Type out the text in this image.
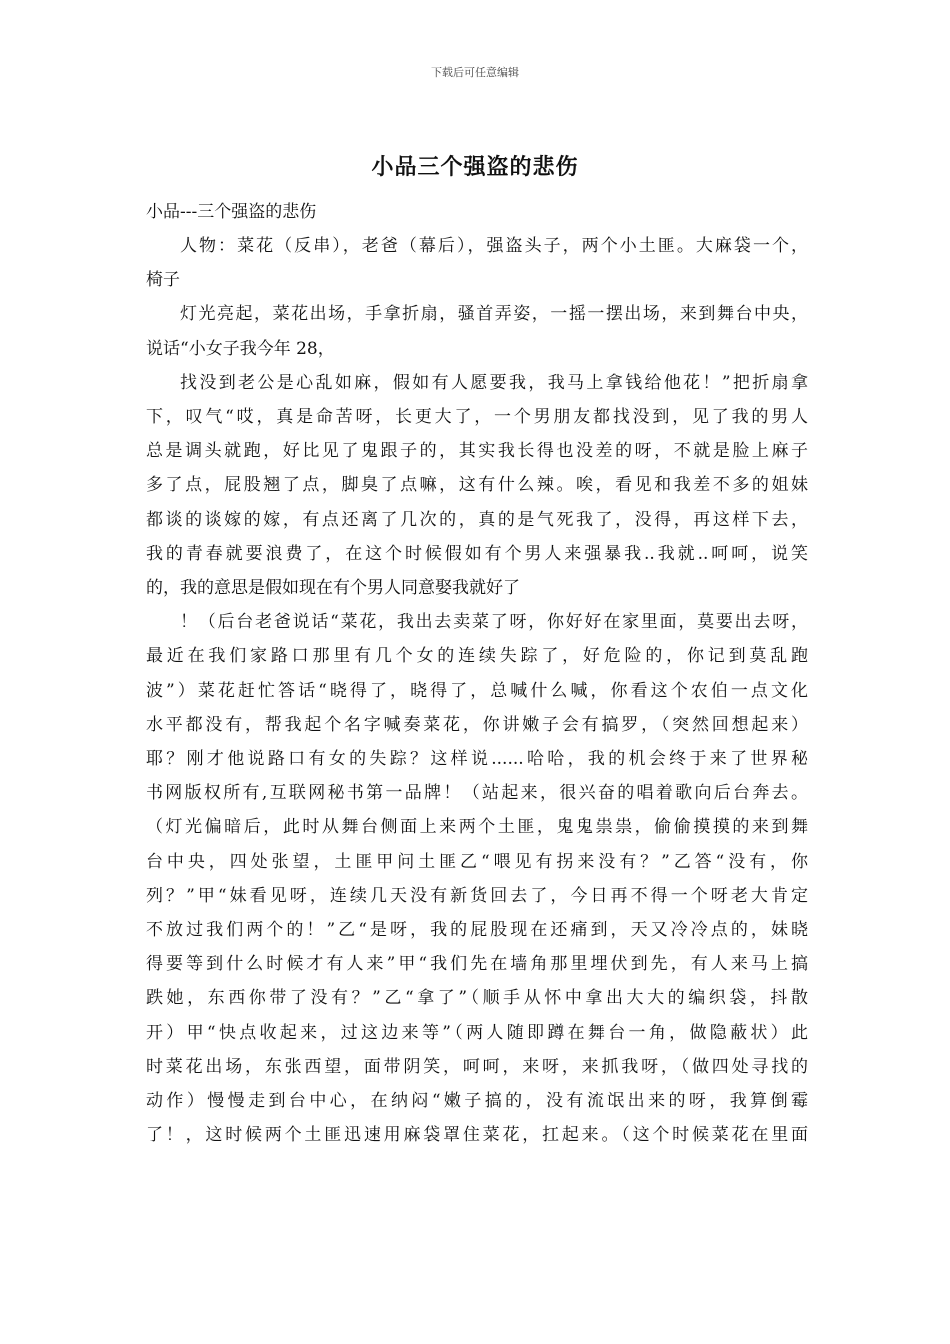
下载后可任意编辑
小品三个强盗的悲伤

小品---三个强盗的悲伤

人物：菜花（反串），老爸（幕后），强盗头子，两个小土匪。大麻袋一个，
椅子

灯光亮起，菜花出场，手拿折扇，骚首弄姿，一摇一摆出场，来到舞台中央，
说话“小女子我今年 28，

找没到老公是心乱如麻，假如有人愿要我，我马上拿钱给他花！”把折扇拿
下，叹气“哎，真是命苦呀，长更大了，一个男朋友都找没到，见了我的男人
总是调头就跑，好比见了鬼跟子的，其实我长得也没差的呀，不就是脸上麻子
多了点，屁股翘了点，脚臭了点嘛，这有什么辣。唉，看见和我差不多的姐妹
都谈的谈嫁的嫁，有点还离了几次的，真的是气死我了，没得，再这样下去，
我的青春就要浪费了，在这个时候假如有个男人来强暴我..我就..呵呵，说笑
的，我的意思是假如现在有个男人同意娶我就好了

！（后台老爸说话“菜花，我出去卖菜了呀，你好好在家里面，莫要出去呀，
最近在我们家路口那里有几个女的连续失踪了，好危险的，你记到莫乱跑
波”）菜花赶忙答话“晓得了，晓得了，总喊什么喊，你看这个农伯一点文化
水平都没有，帮我起个名字喊奏菜花，你讲嫩子会有搞罗，（突然回想起来）
耶？刚才他说路口有女的失踪？这样说......哈哈，我的机会终于来了世界秘
书网版权所有,互联网秘书第一品牌！（站起来，很兴奋的唱着歌向后台奔去。
（灯光偏暗后，此时从舞台侧面上来两个土匪，鬼鬼祟祟，偷偷摸摸的来到舞
台中央，四处张望，土匪甲问土匪乙“喂见有拐来没有？”乙答“没有，你
列？”甲“妹看见呀，连续几天没有新货回去了，今日再不得一个呀老大肯定
不放过我们两个的！”乙“是呀，我的屁股现在还痛到，天又冷冷点的，妹晓
得要等到什么时候才有人来”甲“我们先在墙角那里埋伏到先，有人来马上搞
跌她，东西你带了没有？”乙“拿了”（顺手从怀中拿出大大的编织袋，抖散
开）甲“快点收起来，过这边来等”（两人随即蹲在舞台一角，做隐蔽状）此
时菜花出场，东张西望，面带阴笑，呵呵，来呀，来抓我呀，（做四处寻找的
动作）慢慢走到台中心，在纳闷“嫩子搞的，没有流氓出来的呀，我算倒霉
了！，这时候两个土匪迅速用麻袋罩住菜花，扛起来。（这个时候菜花在里面
